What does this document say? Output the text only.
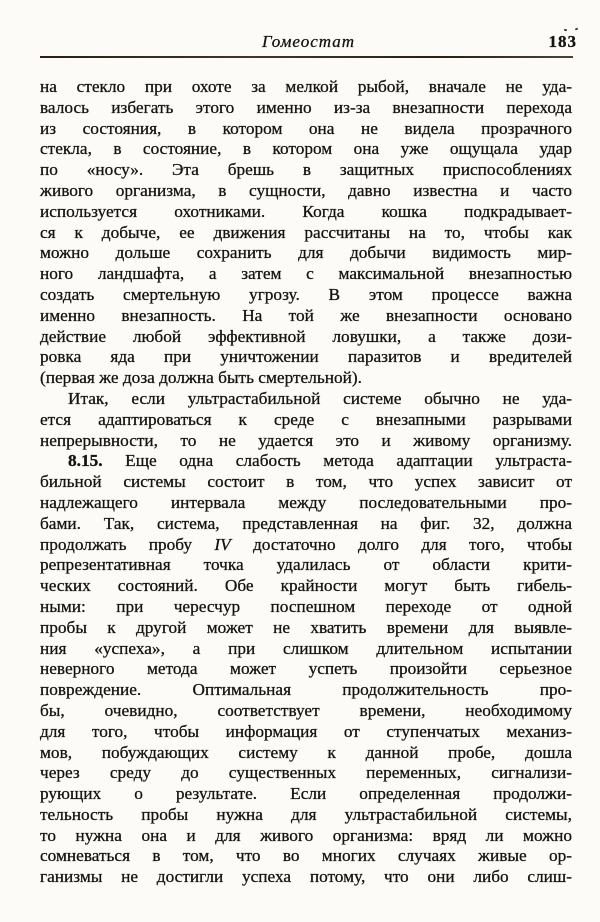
Гомеостат	183
на стекло при охоте за мелкой рыбой, вначале не уда-
валось избегать этого именно из-за внезапности перехода
из состояния, в котором она не видела прозрачного
стекла, в состояние, в котором она уже ощущала удар
по «носу». Эта брешь в защитных приспособлениях
живого организма, в сущности, давно известна и часто
используется охотниками. Когда кошка подкрадывает-
ся к добыче, ее движения рассчитаны на то, чтобы как
можно дольше сохранить для добычи видимость мир-
ного ландшафта, а затем с максимальной внезапностью
создать смертельную угрозу. В этом процессе важна
именно внезапность. На той же внезапности основано
действие любой эффективной ловушки, а также дози-
ровка яда при уничтожении паразитов и вредителей
(первая же доза должна быть смертельной).
Итак, если ультрастабильной системе обычно не уда-
ется адаптироваться к среде с внезапными разрывами
непрерывности, то не удается это и живому организму.
8.15. Еще одна слабость метода адаптации ультраста-
бильной системы состоит в том, что успех зависит от
надлежащего интервала между последовательными про-
бами. Так, система, представленная на фиг. 32, должна
продолжать пробу IV достаточно долго для того, чтобы
репрезентативная точка удалилась от области крити-
ческих состояний. Обе крайности могут быть гибель-
ными: при чересчур поспешном переходе от одной
пробы к другой может не хватить времени для выявле-
ния «успеха», а при слишком длительном испытании
неверного метода может успеть произойти серьезное
повреждение. Оптимальная продолжительность про-
бы, очевидно, соответствует времени, необходимому
для того, чтобы информация от ступенчатых механиз-
мов, побуждающих систему к данной пробе, дошла
через среду до существенных переменных, сигнализи-
рующих о результате. Если определенная продолжи-
тельность пробы нужна для ультрастабильной системы,
то нужна она и для живого организма: вряд ли можно
сомневаться в том, что во многих случаях живые ор-
ганизмы не достигли успеха потому, что они либо слиш-
